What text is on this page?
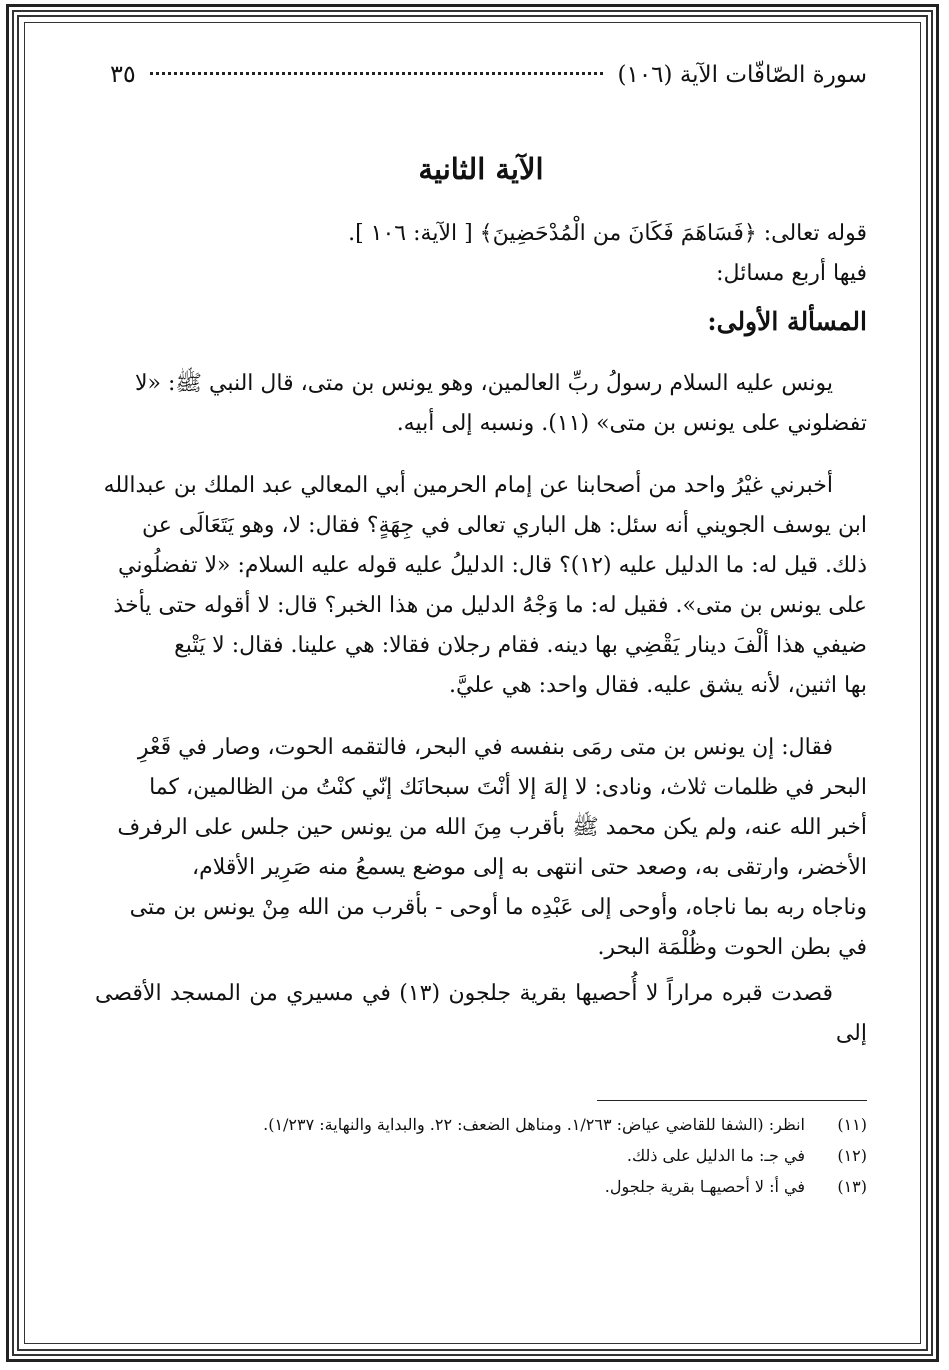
سورة الصّافّات الآية (١٠٦)
٣٥
الآية الثانية

قوله تعالى: ﴿فَسَاهَمَ فَكَانَ من الْمُدْحَضِينَ﴾ [ الآية: ١٠٦ ].

فيها أربع مسائل:

المسألة الأولى:

يونس عليه السلام رسولُ ربِّ العالمين، وهو يونس بن متى، قال النبي ﷺ: «لا

تفضلوني على يونس بن متى» (١١). ونسبه إلى أبيه.

أخبرني غيْرُ واحد من أصحابنا عن إمام الحرمين أبي المعالي عبد الملك بن عبدالله

ابن يوسف الجويني أنه سئل: هل الباري تعالى في جِهَةٍ؟ فقال: لا، وهو يَتَعَالَى عن

ذلك. قيل له: ما الدليل عليه (١٢)؟ قال: الدليلُ عليه قوله عليه السلام: «لا تفضلُوني

على يونس بن متى». فقيل له: ما وَجْهُ الدليل من هذا الخبر؟ قال: لا أقوله حتى يأخذ

ضيفي هذا ألْفَ دينار يَقْضِي بها دينه. فقام رجلان فقالا: هي علينا. فقال: لا يَتْبع

بها اثنين، لأنه يشق عليه. فقال واحد: هي عليَّ.

فقال: إن يونس بن متى رمَى بنفسه في البحر، فالتقمه الحوت، وصار في قَعْرِ

البحر في ظلمات ثلاث، ونادى: لا إلهَ إلا أنْتَ سبحانَك إنّي كنْتُ من الظالمين، كما

أخبر الله عنه، ولم يكن محمد ﷺ بأقرب مِنَ الله من يونس حين جلس على الرفرف

الأخضر، وارتقى به، وصعد حتى انتهى به إلى موضع يسمعُ منه صَرِير الأقلام،

وناجاه ربه بما ناجاه، وأوحى إلى عَبْدِه ما أوحى - بأقرب من الله مِنْ يونس بن متى

في بطن الحوت وظُلْمَة البحر.

قصدت قبره مراراً لا أُحصيها بقرية جلجون (١٣) في مسيري من المسجد الأقصى إلى

(١١)
انظر: (الشفا للقاضي عياض: ١/٢٦٣. ومناهل الضعف: ٢٢. والبداية والنهاية: ١/٢٣٧).
(١٢)
في جـ: ما الدليل على ذلك.
(١٣)
في أ: لا أحصيهـا بقرية جلجول.
